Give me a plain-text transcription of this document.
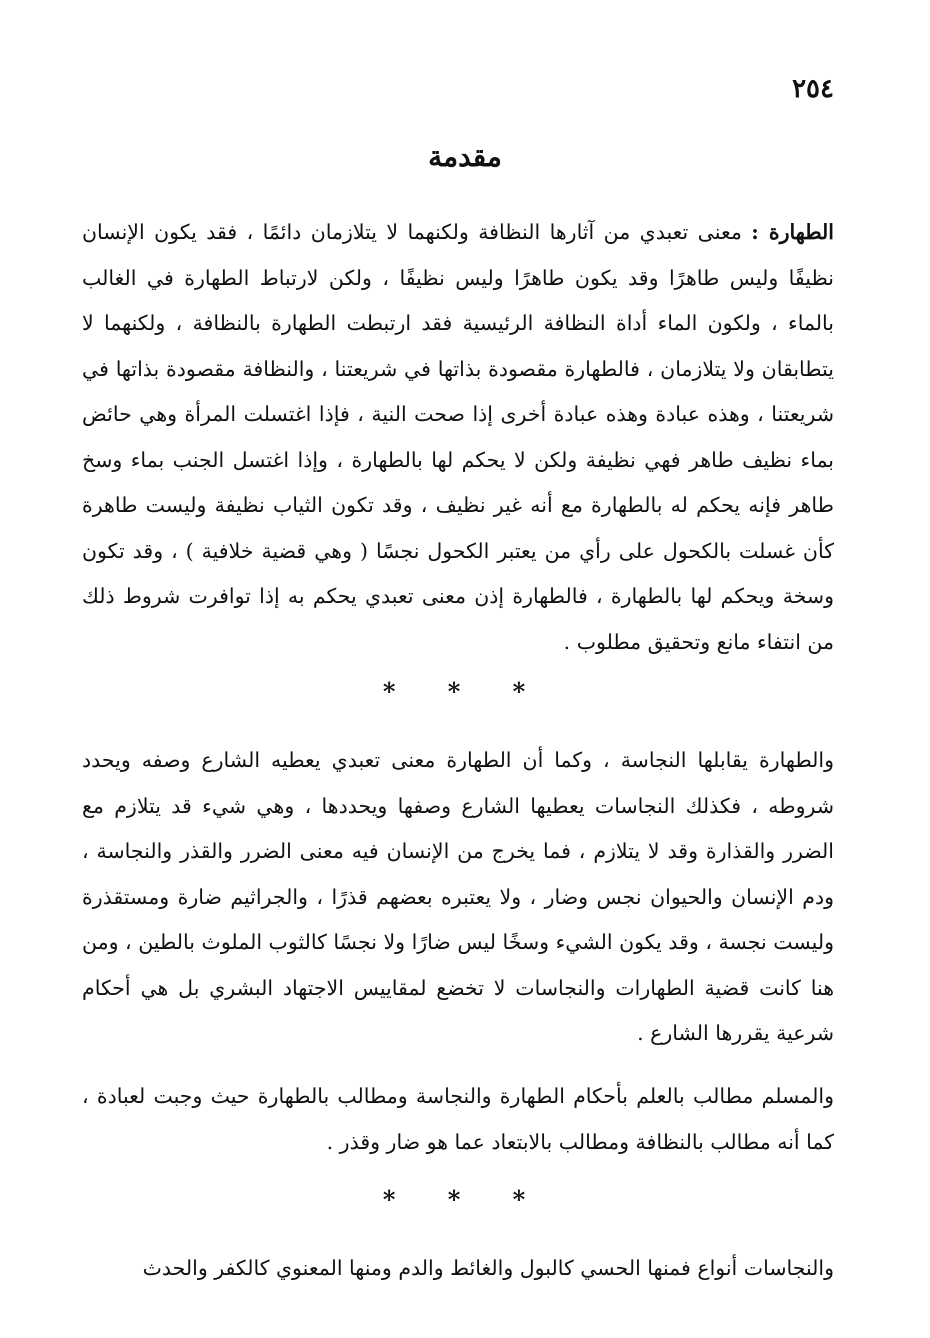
٢٥٤
مقدمة

الطهارة : معنى تعبدي من آثارها النظافة ولكنهما لا يتلازمان دائمًا ، فقد يكون الإنسان نظيفًا وليس طاهرًا وقد يكون طاهرًا وليس نظيفًا ، ولكن لارتباط الطهارة في الغالب بالماء ، ولكون الماء أداة النظافة الرئيسية فقد ارتبطت الطهارة بالنظافة ، ولكنهما لا يتطابقان ولا يتلازمان ، فالطهارة مقصودة بذاتها في شريعتنا ، والنظافة مقصودة بذاتها في شريعتنا ، وهذه عبادة وهذه عبادة أخرى إذا صحت النية ، فإذا اغتسلت المرأة وهي حائض بماء نظيف طاهر فهي نظيفة ولكن لا يحكم لها بالطهارة ، وإذا اغتسل الجنب بماء وسخ طاهر فإنه يحكم له بالطهارة مع أنه غير نظيف ، وقد تكون الثياب نظيفة وليست طاهرة كأن غسلت بالكحول على رأي من يعتبر الكحول نجسًا ( وهي قضية خلافية ) ، وقد تكون وسخة ويحكم لها بالطهارة ، فالطهارة إذن معنى تعبدي يحكم به إذا توافرت شروط ذلك من انتفاء مانع وتحقيق مطلوب .

* * *

والطهارة يقابلها النجاسة ، وكما أن الطهارة معنى تعبدي يعطيه الشارع وصفه ويحدد شروطه ، فكذلك النجاسات يعطيها الشارع وصفها ويحددها ، وهي شيء قد يتلازم مع الضرر والقذارة وقد لا يتلازم ، فما يخرج من الإنسان فيه معنى الضرر والقذر والنجاسة ، ودم الإنسان والحيوان نجس وضار ، ولا يعتبره بعضهم قذرًا ، والجراثيم ضارة ومستقذرة وليست نجسة ، وقد يكون الشيء وسخًا ليس ضارًا ولا نجسًا كالثوب الملوث بالطين ، ومن هنا كانت قضية الطهارات والنجاسات لا تخضع لمقاييس الاجتهاد البشري بل هي أحكام شرعية يقررها الشارع .

والمسلم مطالب بالعلم بأحكام الطهارة والنجاسة ومطالب بالطهارة حيث وجبت لعبادة ، كما أنه مطالب بالنظافة ومطالب بالابتعاد عما هو ضار وقذر .

* * *

والنجاسات أنواع فمنها الحسي كالبول والغائط والدم ومنها المعنوي كالكفر والحدث
